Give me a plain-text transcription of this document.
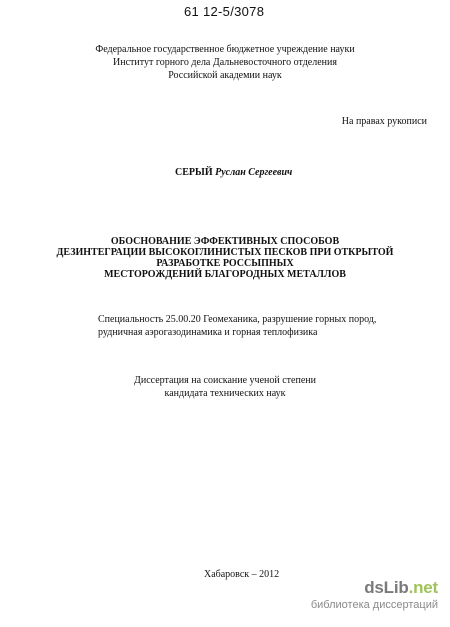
61 12-5/3078
Федеральное государственное бюджетное учреждение науки
Институт горного дела Дальневосточного отделения
Российской академии наук
На правах рукописи
СЕРЫЙ Руслан Сергеевич
ОБОСНОВАНИЕ ЭФФЕКТИВНЫХ СПОСОБОВ
ДЕЗИНТЕГРАЦИИ ВЫСОКОГЛИНИСТЫХ ПЕСКОВ ПРИ ОТКРЫТОЙ
РАЗРАБОТКЕ РОССЫПНЫХ
МЕСТОРОЖДЕНИЙ БЛАГОРОДНЫХ МЕТАЛЛОВ
Специальность 25.00.20 Геомеханика, разрушение горных пород,
рудничная аэрогазодинамика и горная теплофизика
Диссертация на соискание ученой степени
кандидата технических наук
Хабаровск – 2012
dsLib.net
библиотека диссертаций
